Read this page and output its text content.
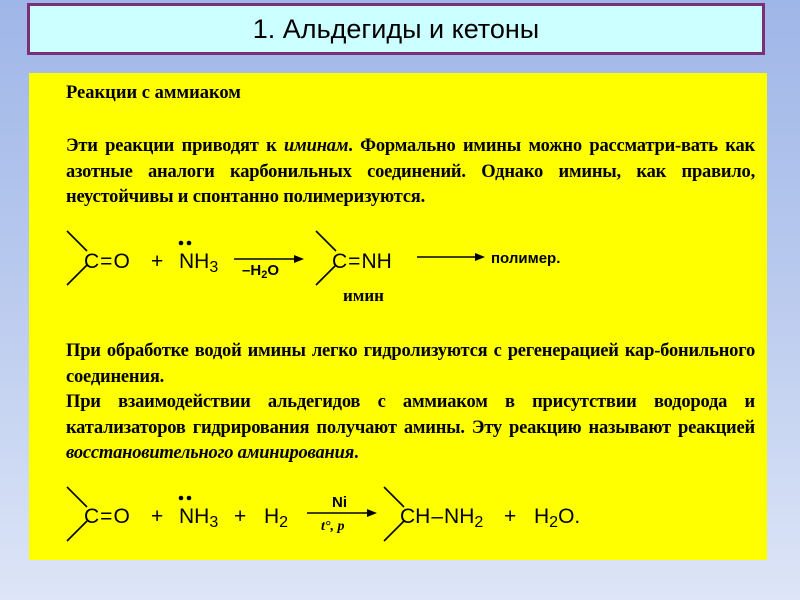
1. Альдегиды и кетоны
Реакции с аммиаком
Эти реакции приводят к иминам. Формально имины можно рассматри-вать как азотные аналоги карбонильных соединений. Однако имины, как правило, неустойчивы и спонтанно полимеризуются.
C=O + NH3 $-H_2O$	C=NH
имин
полимер.
При обработке водой имины легко гидролизуются с регенерацией кар-бонильного соединения.
При взаимодействии альдегидов с аммиаком в присутствии водорода и катализаторов гидрирования получают амины. Эту реакцию называют реакцией восстановительного аминирования.
C=O + NH3 + H2
Ni
t°, p	CH–NH2 + H2O.
